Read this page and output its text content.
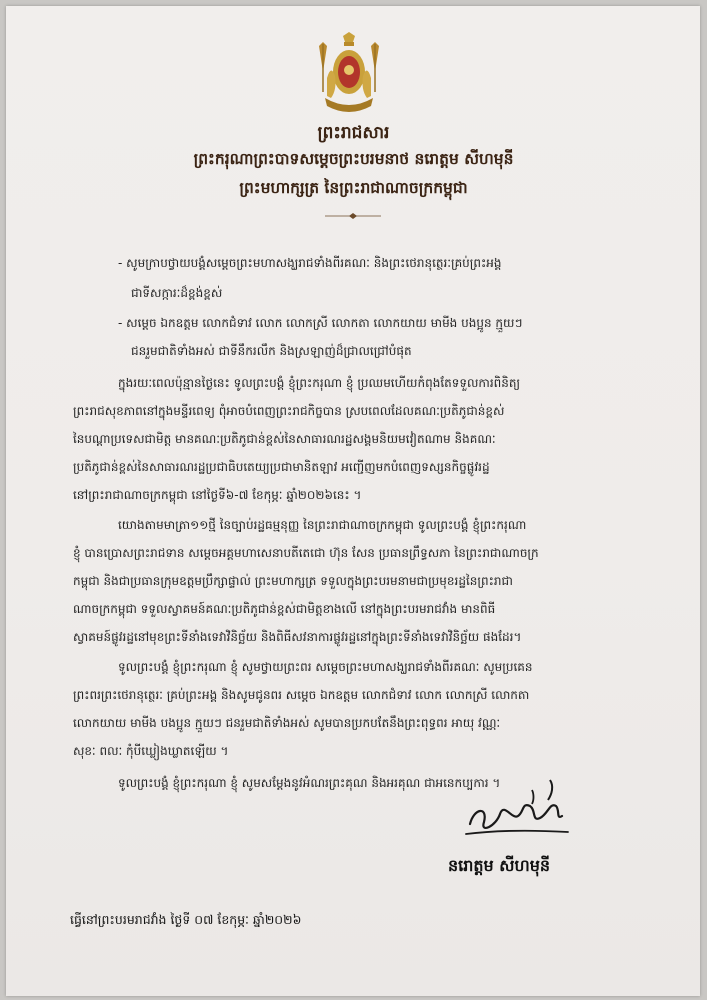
ព្រះរាជសារ
ព្រះករុណាព្រះបាទសម្ដេចព្រះបរមនាថ នរោត្ដម សីហមុនី
ព្រះមហាក្សត្រ នៃព្រះរាជាណាចក្រកម្ពុជា
- សូមក្រាបថ្វាយបង្គំសម្តេចព្រះមហាសង្ឃរាជទាំងពីរគណៈ និងព្រះថេរានុត្ថេរៈគ្រប់ព្រះអង្គ
ជាទីសក្ការៈដ៏ខ្ពង់ខ្ពស់
- សម្តេច ឯកឧត្តម លោកជំទាវ លោក លោកស្រី លោកតា លោកយាយ មាមីង បងប្អូន ក្មួយៗ
ជនរួមជាតិទាំងអស់ ជាទីនឹករលឹក និងស្រឡាញ់ដ៏ជ្រាលជ្រៅបំផុត
ក្នុងរយៈពេលប៉ុន្មានថ្ងៃនេះ ទូលព្រះបង្គំ ខ្ញុំព្រះករុណា ខ្ញុំ ប្រឈមហើយកំពុងតែទទួលការពិនិត្យ
ព្រះរាជសុខភាពនៅក្នុងមន្ទីរពេទ្យ ពុំអាចបំពេញព្រះរាជកិច្ចបាន ស្របពេលដែលគណៈប្រតិភូជាន់ខ្ពស់
នៃបណ្តាប្រទេសជាមិត្ត មានគណៈប្រតិភូជាន់ខ្ពស់នៃសាធារណរដ្ឋសង្គមនិយមវៀតណាម និងគណៈ
ប្រតិភូជាន់ខ្ពស់នៃសាធារណរដ្ឋប្រជាធិបតេយ្យប្រជាមានិតឡាវ អញ្ជើញមកបំពេញទស្សនកិច្ចផ្លូវរដ្ឋ
នៅព្រះរាជាណាចក្រកម្ពុជា នៅថ្ងៃទី៦-៧ ខែកុម្ភៈ ឆ្នាំ២០២៦នេះ ។
យោងតាមមាត្រា១១ថ្មី នៃច្បាប់រដ្ឋធម្មនុញ្ញ នៃព្រះរាជាណាចក្រកម្ពុជា ទូលព្រះបង្គំ ខ្ញុំព្រះករុណា
ខ្ញុំ បានប្រោសព្រះរាជទាន សម្តេចអគ្គមហាសេនាបតីតេជោ ហ៊ុន សែន ប្រធានព្រឹទ្ធសភា នៃព្រះរាជាណាចក្រ
កម្ពុជា និងជាប្រធានក្រុមឧត្តមប្រឹក្សាផ្ទាល់ ព្រះមហាក្សត្រ ទទួលក្នុងព្រះបរមនាមជាប្រមុខរដ្ឋនៃព្រះរាជា
ណាចក្រកម្ពុជា ទទួលស្វាគមន៍គណៈប្រតិភូជាន់ខ្ពស់ជាមិត្តខាងលើ នៅក្នុងព្រះបរមរាជវាំង មានពិធី
ស្វាគមន៍ផ្លូវរដ្ឋនៅមុខព្រះទីនាំងទេវាវិនិច្ឆ័យ និងពិធីសវនាការផ្លូវរដ្ឋនៅក្នុងព្រះទីនាំងទេវាវិនិច្ឆ័យ ផងដែរ។
ទូលព្រះបង្គំ ខ្ញុំព្រះករុណា ខ្ញុំ សូមថ្វាយព្រះពរ សម្តេចព្រះមហាសង្ឃរាជទាំងពីរគណៈ សូមប្រគេន
ព្រះពរព្រះថេរានុត្ថេរៈ គ្រប់ព្រះអង្គ និងសូមជូនពរ សម្តេច ឯកឧត្តម លោកជំទាវ លោក លោកស្រី លោកតា
លោកយាយ មាមីង បងប្អូន ក្មួយៗ ជនរួមជាតិទាំងអស់ សូមបានប្រកបតែនឹងព្រះពុទ្ធពរ អាយុ វណ្ណៈ
សុខៈ ពលៈ កុំបីឃ្លៀងឃ្លាតឡើយ ។
ទូលព្រះបង្គំ ខ្ញុំព្រះករុណា ខ្ញុំ សូមសម្តែងនូវអំណរព្រះគុណ និងអរគុណ ជាអនេកប្បការ ។
នរោត្តម សីហមុនី
ធ្វើនៅព្រះបរមរាជវាំង ថ្ងៃទី ០៧ ខែកុម្ភៈ ឆ្នាំ២០២៦
